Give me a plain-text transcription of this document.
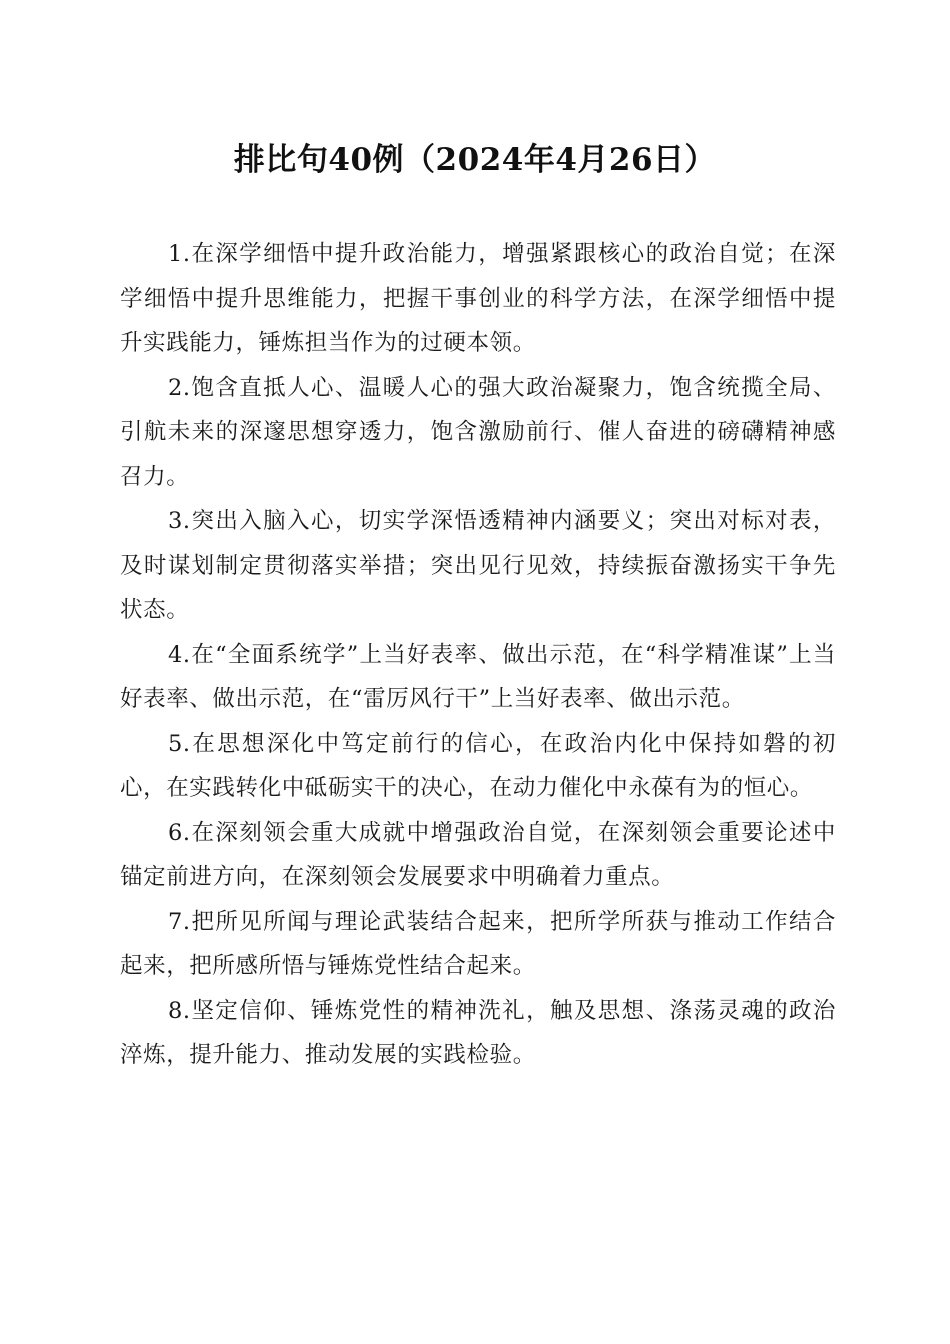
排比句40例（2024年4月26日）

1.在深学细悟中提升政治能力，增强紧跟核心的政治自觉；在深学细悟中提升思维能力，把握干事创业的科学方法，在深学细悟中提升实践能力，锤炼担当作为的过硬本领。

2.饱含直抵人心、温暖人心的强大政治凝聚力，饱含统揽全局、引航未来的深邃思想穿透力，饱含激励前行、催人奋进的磅礴精神感召力。

3.突出入脑入心，切实学深悟透精神内涵要义；突出对标对表，及时谋划制定贯彻落实举措；突出见行见效，持续振奋激扬实干争先状态。

4.在“全面系统学”上当好表率、做出示范，在“科学精准谋”上当好表率、做出示范，在“雷厉风行干”上当好表率、做出示范。

5.在思想深化中笃定前行的信心，在政治内化中保持如磐的初心，在实践转化中砥砺实干的决心，在动力催化中永葆有为的恒心。

6.在深刻领会重大成就中增强政治自觉，在深刻领会重要论述中锚定前进方向，在深刻领会发展要求中明确着力重点。

7.把所见所闻与理论武装结合起来，把所学所获与推动工作结合起来，把所感所悟与锤炼党性结合起来。

8.坚定信仰、锤炼党性的精神洗礼，触及思想、涤荡灵魂的政治淬炼，提升能力、推动发展的实践检验。
